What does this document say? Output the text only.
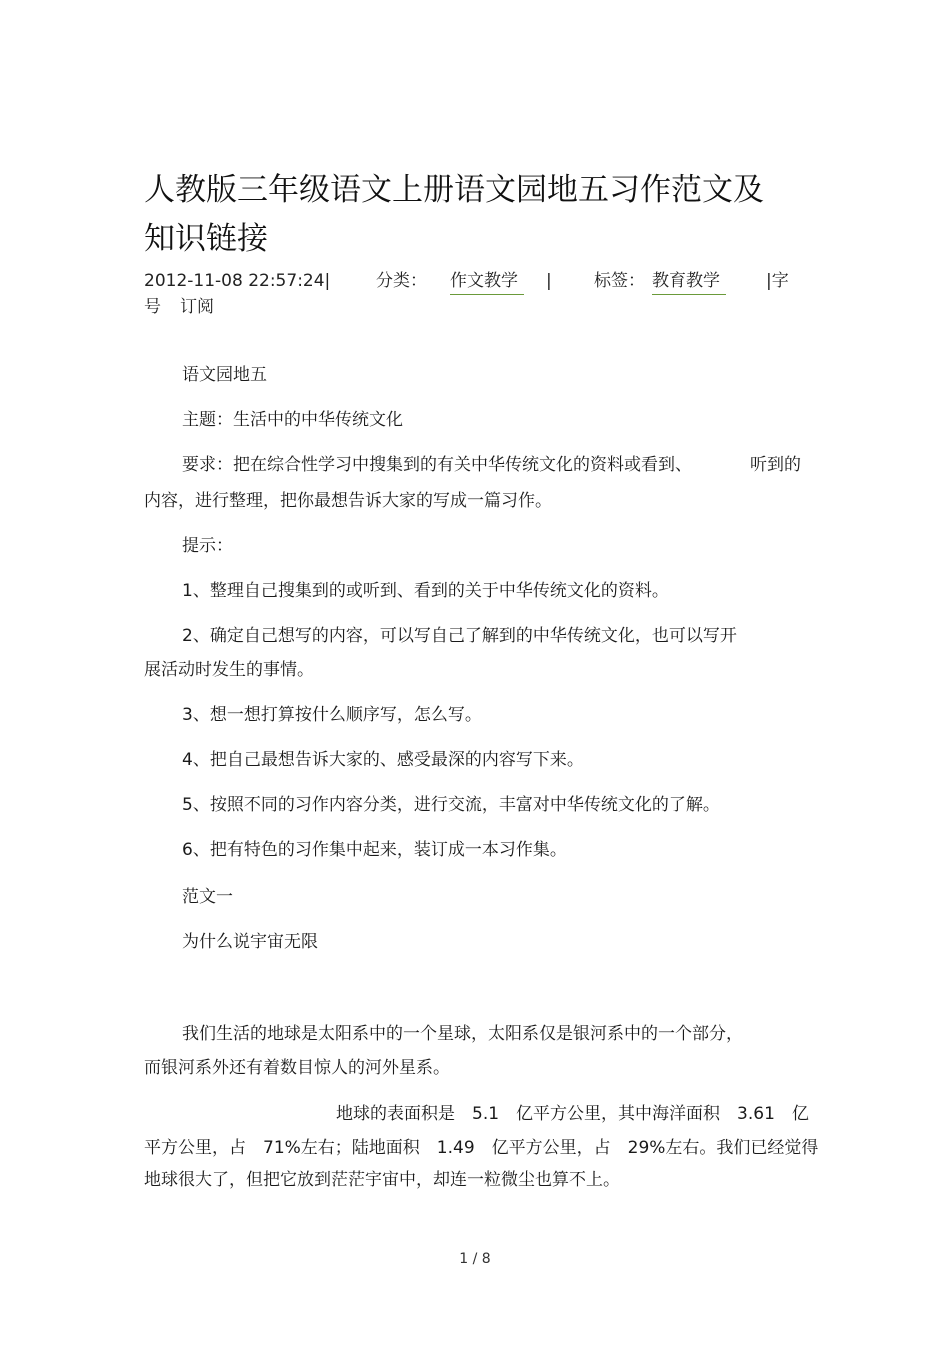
人教版三年级语文上册语文园地五习作范文及知识链接
2012-11-08 22:57:24|	分类： 作文教学	| 标签： 教育教学	|字
号 订阅
语文园地五
主题：生活中的中华传统文化
要求：把在综合性学习中搜集到的有关中华传统文化的资料或看到、	听到的
内容，进行整理，把你最想告诉大家的写成一篇习作。
提示：
1、整理自己搜集到的或听到、看到的关于中华传统文化的资料。
2、确定自己想写的内容，可以写自己了解到的中华传统文化，也可以写开
展活动时发生的事情。
3、想一想打算按什么顺序写，怎么写。
4、把自己最想告诉大家的、感受最深的内容写下来。
5、按照不同的习作内容分类，进行交流，丰富对中华传统文化的了解。
6、把有特色的习作集中起来，装订成一本习作集。
范文一
为什么说宇宙无限
我们生活的地球是太阳系中的一个星球，太阳系仅是银河系中的一个部分，
而银河系外还有着数目惊人的河外星系。
地球的表面积是　5.1　亿平方公里，其中海洋面积　3.61　亿
平方公里，占　71%左右；陆地面积　1.49　亿平方公里，占　29%左右。我们已经觉得
地球很大了，但把它放到茫茫宇宙中，却连一粒微尘也算不上。
1 / 8
